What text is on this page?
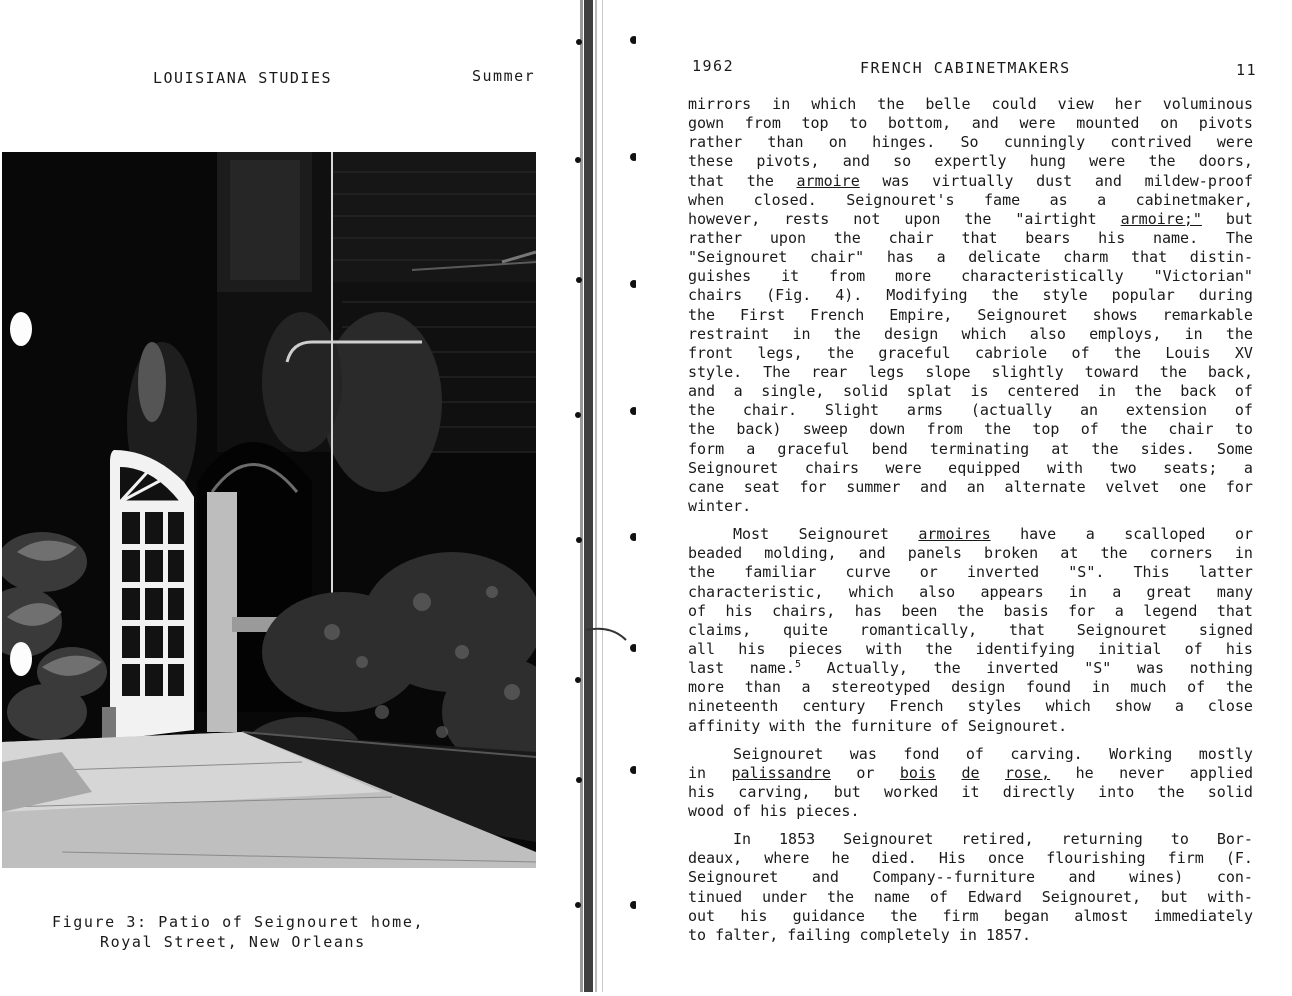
LOUISIANA STUDIES	Summer
Figure 3: Patio of Seignouret home,
Royal Street, New Orleans
1962	FRENCH CABINETMAKERS	11
mirrors in which the belle could view her voluminous
gown from top to bottom, and were mounted on pivots
rather than on hinges. So cunningly contrived were
these pivots, and so expertly hung were the doors,
that the armoire was virtually dust and mildew-proof
when closed. Seignouret's fame as a cabinetmaker,
however, rests not upon the "airtight armoire;" but
rather upon the chair that bears his name. The
"Seignouret chair" has a delicate charm that distin-
guishes it from more characteristically "Victorian"
chairs (Fig. 4). Modifying the style popular during
the First French Empire, Seignouret shows remarkable
restraint in the design which also employs, in the
front legs, the graceful cabriole of the Louis XV
style. The rear legs slope slightly toward the back,
and a single, solid splat is centered in the back of
the chair. Slight arms (actually an extension of
the back) sweep down from the top of the chair to
form a graceful bend terminating at the sides. Some
Seignouret chairs were equipped with two seats; a
cane seat for summer and an alternate velvet one for
winter.
Most Seignouret armoires have a scalloped or
beaded molding, and panels broken at the corners in
the familiar curve or inverted "S". This latter
characteristic, which also appears in a great many
of his chairs, has been the basis for a legend that
claims, quite romantically, that Seignouret signed
all his pieces with the identifying initial of his
last name.$^5$ Actually, the inverted "S" was nothing
more than a stereotyped design found in much of the
nineteenth century French styles which show a close
affinity with the furniture of Seignouret.
Seignouret was fond of carving. Working mostly
in palissandre or bois de rose, he never applied
his carving, but worked it directly into the solid
wood of his pieces.
In 1853 Seignouret retired, returning to Bor-
deaux, where he died. His once flourishing firm (F.
Seignouret and Company--furniture and wines) con-
tinued under the name of Edward Seignouret, but with-
out his guidance the firm began almost immediately
to falter, failing completely in 1857.
